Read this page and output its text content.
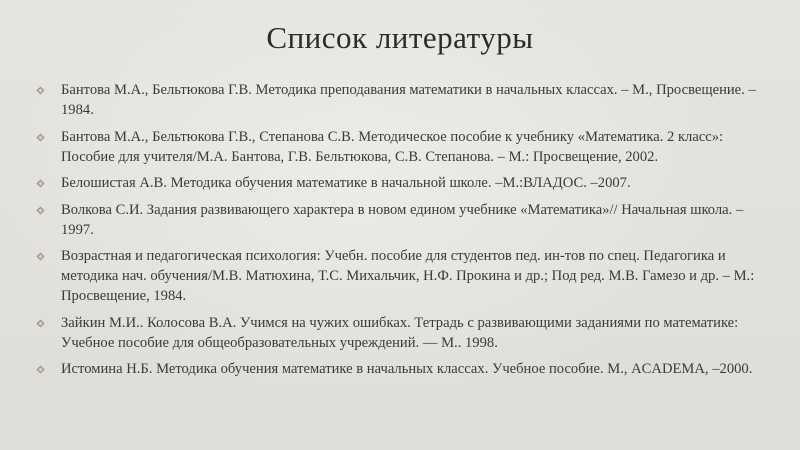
Список литературы
Бантова М.А., Бельтюкова Г.В. Методика преподавания математики в начальных классах. – М., Просвещение. – 1984.
Бантова М.А., Бельтюкова Г.В., Степанова С.В. Методическое пособие к учебнику «Математика. 2 класс»: Пособие для учителя/М.А. Бантова, Г.В. Бельтюкова, С.В. Степанова. – М.: Просвещение, 2002.
Белошистая А.В. Методика обучения математике в начальной школе. –М.:ВЛАДОС. –2007.
Волкова С.И. Задания развивающего характера в новом едином учебнике «Математика»// Начальная школа. – 1997.
Возрастная и педагогическая психология: Учебн. пособие для студентов пед. ин-тов по спец. Педагогика и методика нач. обучения/М.В. Матюхина, Т.С. Михальчик, Н.Ф. Прокина и др.; Под ред. М.В. Гамезо и др. – М.: Просвещение, 1984.
Зайкин М.И.. Колосова В.А. Учимся на чужих ошибках. Тетрадь с развивающими заданиями по математике: Учебное пособие для общеобразовательных учреждений. –– М.. 1998.
Истомина Н.Б. Методика обучения математике в начальных классах. Учебное пособие. М., ACADEMA, –2000.
